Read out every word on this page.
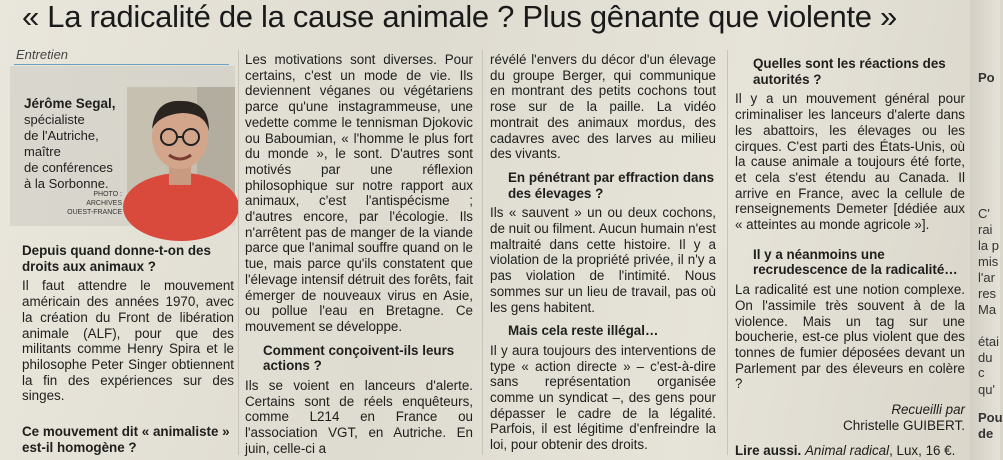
« La radicalité de la cause animale ? Plus gênante que violente »
Entretien
Jérôme Segal,
spécialiste
de l'Autriche,
maître
de conférences
à la Sorbonne.
PHOTO : ARCHIVES
OUEST-FRANCE

Depuis quand donne-t-on des droits aux animaux ?

Il faut attendre le mouvement américain des années 1970, avec la création du Front de libération animale (ALF), pour que des militants comme Henry Spira et le philosophe Peter Singer obtiennent la fin des expériences sur des singes.

Ce mouvement dit « animaliste » est-il homogène ?

Les motivations sont diverses. Pour certains, c'est un mode de vie. Ils deviennent véganes ou végétariens parce qu'une instagrammeuse, une vedette comme le tennisman Djokovic ou Baboumian, « l'homme le plus fort du monde », le sont. D'autres sont motivés par une réflexion philosophique sur notre rapport aux animaux, c'est l'antispécisme ; d'autres encore, par l'écologie. Ils n'arrêtent pas de manger de la viande parce que l'animal souffre quand on le tue, mais parce qu'ils constatent que l'élevage intensif détruit des forêts, fait émerger de nouveaux virus en Asie, ou pollue l'eau en Bretagne. Ce mouvement se développe.

Comment conçoivent-ils leurs actions ?

Ils se voient en lanceurs d'alerte. Certains sont de réels enquêteurs, comme L214 en France ou l'association VGT, en Autriche. En juin, celle-ci a

révélé l'envers du décor d'un élevage du groupe Berger, qui communique en montrant des petits cochons tout rose sur de la paille. La vidéo montrait des animaux mordus, des cadavres avec des larves au milieu des vivants.

En pénétrant par effraction dans des élevages ?

Ils « sauvent » un ou deux cochons, de nuit ou filment. Aucun humain n'est maltraité dans cette histoire. Il y a violation de la propriété privée, il n'y a pas violation de l'intimité. Nous sommes sur un lieu de travail, pas où les gens habitent.

Mais cela reste illégal…

Il y aura toujours des interventions de type « action directe » – c'est-à-dire sans représentation organisée comme un syndicat –, des gens pour dépasser le cadre de la légalité. Parfois, il est légitime d'enfreindre la loi, pour obtenir des droits.

Quelles sont les réactions des autorités ?

Il y a un mouvement général pour criminaliser les lanceurs d'alerte dans les abattoirs, les élevages ou les cirques. C'est parti des États-Unis, où la cause animale a toujours été forte, et cela s'est étendu au Canada. Il arrive en France, avec la cellule de renseignements Demeter [dédiée aux « atteintes au monde agricole »].

Il y a néanmoins une recrudescence de la radicalité…

La radicalité est une notion complexe. On l'assimile très souvent à de la violence. Mais un tag sur une boucherie, est-ce plus violent que des tonnes de fumier déposées devant un Parlement par des éleveurs en colère ?

Recueilli par

Christelle GUIBERT.

Lire aussi. Animal radical, Lux, 16 €.

Po
C'
rai
la p
mis
l'ar
res
Ma
étai
du c
qu'
Pou
de
